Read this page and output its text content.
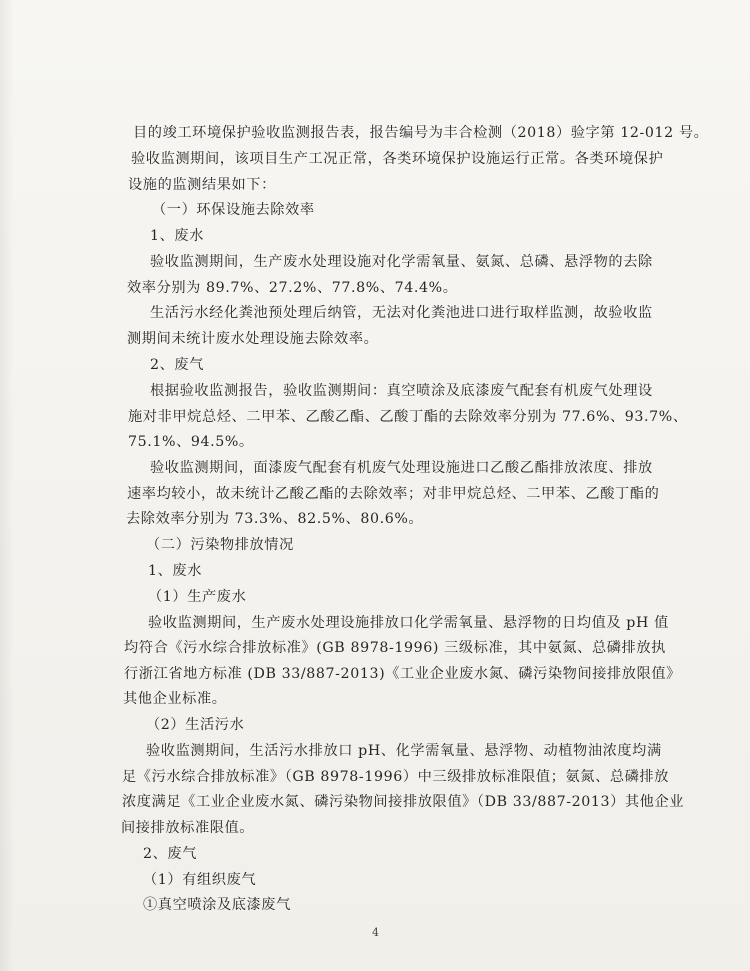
目的竣工环境保护验收监测报告表，报告编号为丰合检测（2018）验字第 12-012 号。
验收监测期间，该项目生产工况正常，各类环境保护设施运行正常。各类环境保护
设施的监测结果如下：
（一）环保设施去除效率
1、废水
验收监测期间，生产废水处理设施对化学需氧量、氨氮、总磷、悬浮物的去除
效率分别为 89.7%、27.2%、77.8%、74.4%。
生活污水经化粪池预处理后纳管，无法对化粪池进口进行取样监测，故验收监
测期间未统计废水处理设施去除效率。
2、废气
根据验收监测报告，验收监测期间：真空喷涂及底漆废气配套有机废气处理设
施对非甲烷总烃、二甲苯、乙酸乙酯、乙酸丁酯的去除效率分别为 77.6%、93.7%、
75.1%、94.5%。
验收监测期间，面漆废气配套有机废气处理设施进口乙酸乙酯排放浓度、排放
速率均较小，故未统计乙酸乙酯的去除效率；对非甲烷总烃、二甲苯、乙酸丁酯的
去除效率分别为 73.3%、82.5%、80.6%。
（二）污染物排放情况
1、废水
（1）生产废水
验收监测期间，生产废水处理设施排放口化学需氧量、悬浮物的日均值及 pH 值
均符合《污水综合排放标准》(GB 8978-1996) 三级标准，其中氨氮、总磷排放执
行浙江省地方标准 (DB 33/887-2013)《工业企业废水氮、磷污染物间接排放限值》
其他企业标准。
（2）生活污水
验收监测期间，生活污水排放口 pH、化学需氧量、悬浮物、动植物油浓度均满
足《污水综合排放标准》（GB 8978-1996）中三级排放标准限值；氨氮、总磷排放
浓度满足《工业企业废水氮、磷污染物间接排放限值》（DB 33/887-2013）其他企业
间接排放标准限值。
2、废气
（1）有组织废气
①真空喷涂及底漆废气
4
